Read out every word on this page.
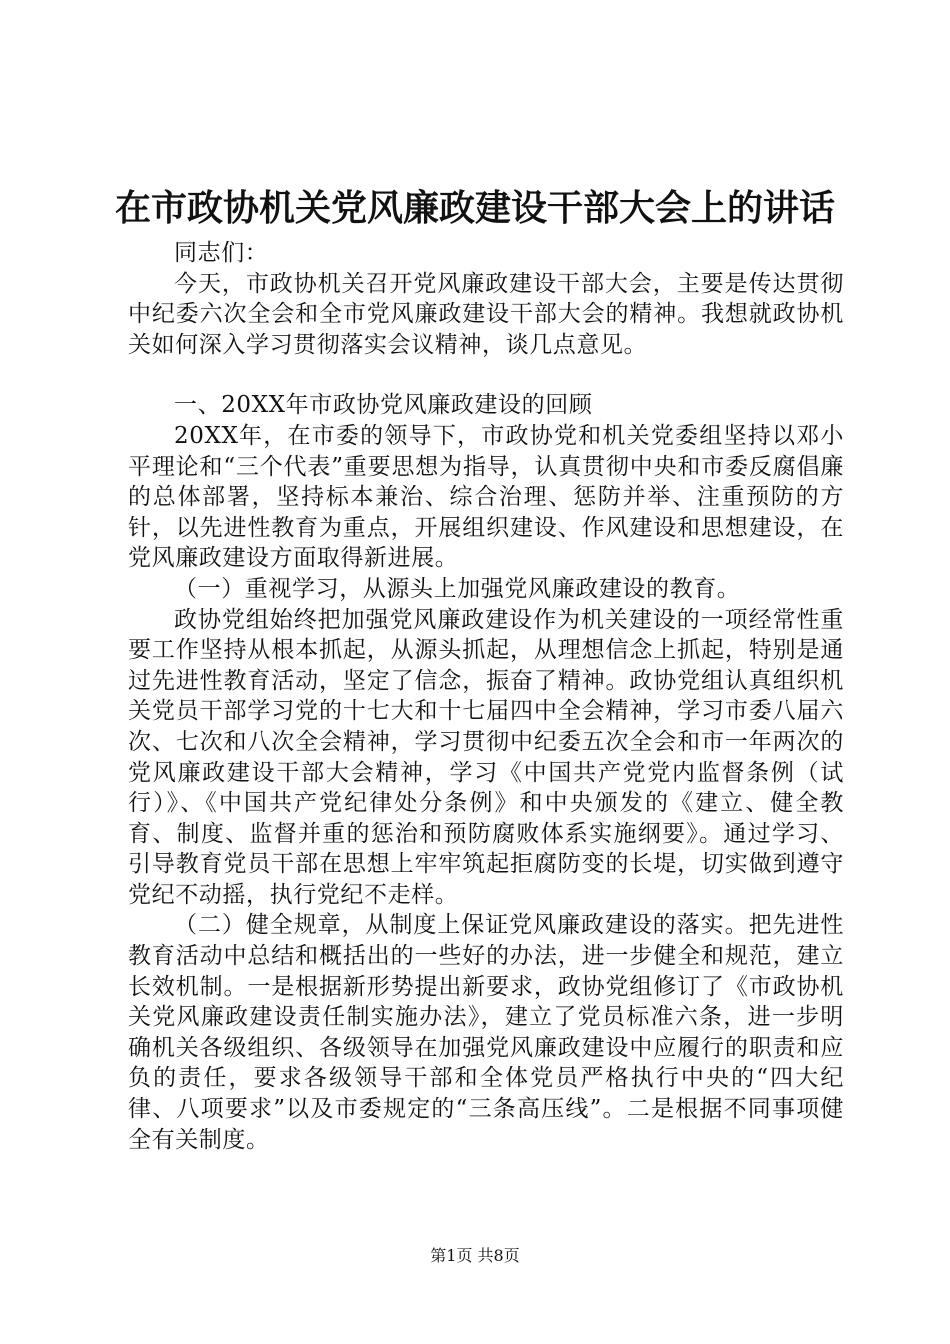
在市政协机关党风廉政建设干部大会上的讲话

同志们：

今天，市政协机关召开党风廉政建设干部大会，主要是传达贯彻中纪委六次全会和全市党风廉政建设干部大会的精神。我想就政协机关如何深入学习贯彻落实会议精神，谈几点意见。

一、20XX年市政协党风廉政建设的回顾

20XX年，在市委的领导下，市政协党和机关党委组坚持以邓小平理论和“三个代表”重要思想为指导，认真贯彻中央和市委反腐倡廉的总体部署，坚持标本兼治、综合治理、惩防并举、注重预防的方针，以先进性教育为重点，开展组织建设、作风建设和思想建设，在党风廉政建设方面取得新进展。

（一）重视学习，从源头上加强党风廉政建设的教育。

政协党组始终把加强党风廉政建设作为机关建设的一项经常性重要工作坚持从根本抓起，从源头抓起，从理想信念上抓起，特别是通过先进性教育活动，坚定了信念，振奋了精神。政协党组认真组织机关党员干部学习党的十七大和十七届四中全会精神，学习市委八届六次、七次和八次全会精神，学习贯彻中纪委五次全会和市一年两次的党风廉政建设干部大会精神，学习《中国共产党党内监督条例（试行）》、《中国共产党纪律处分条例》和中央颁发的《建立、健全教育、制度、监督并重的惩治和预防腐败体系实施纲要》。通过学习、引导教育党员干部在思想上牢牢筑起拒腐防变的长堤，切实做到遵守党纪不动摇，执行党纪不走样。

（二）健全规章，从制度上保证党风廉政建设的落实。把先进性教育活动中总结和概括出的一些好的办法，进一步健全和规范，建立长效机制。一是根据新形势提出新要求，政协党组修订了《市政协机关党风廉政建设责任制实施办法》，建立了党员标准六条，进一步明确机关各级组织、各级领导在加强党风廉政建设中应履行的职责和应负的责任，要求各级领导干部和全体党员严格执行中央的“四大纪律、八项要求”以及市委规定的“三条高压线”。二是根据不同事项健全有关制度。

第1页 共8页
